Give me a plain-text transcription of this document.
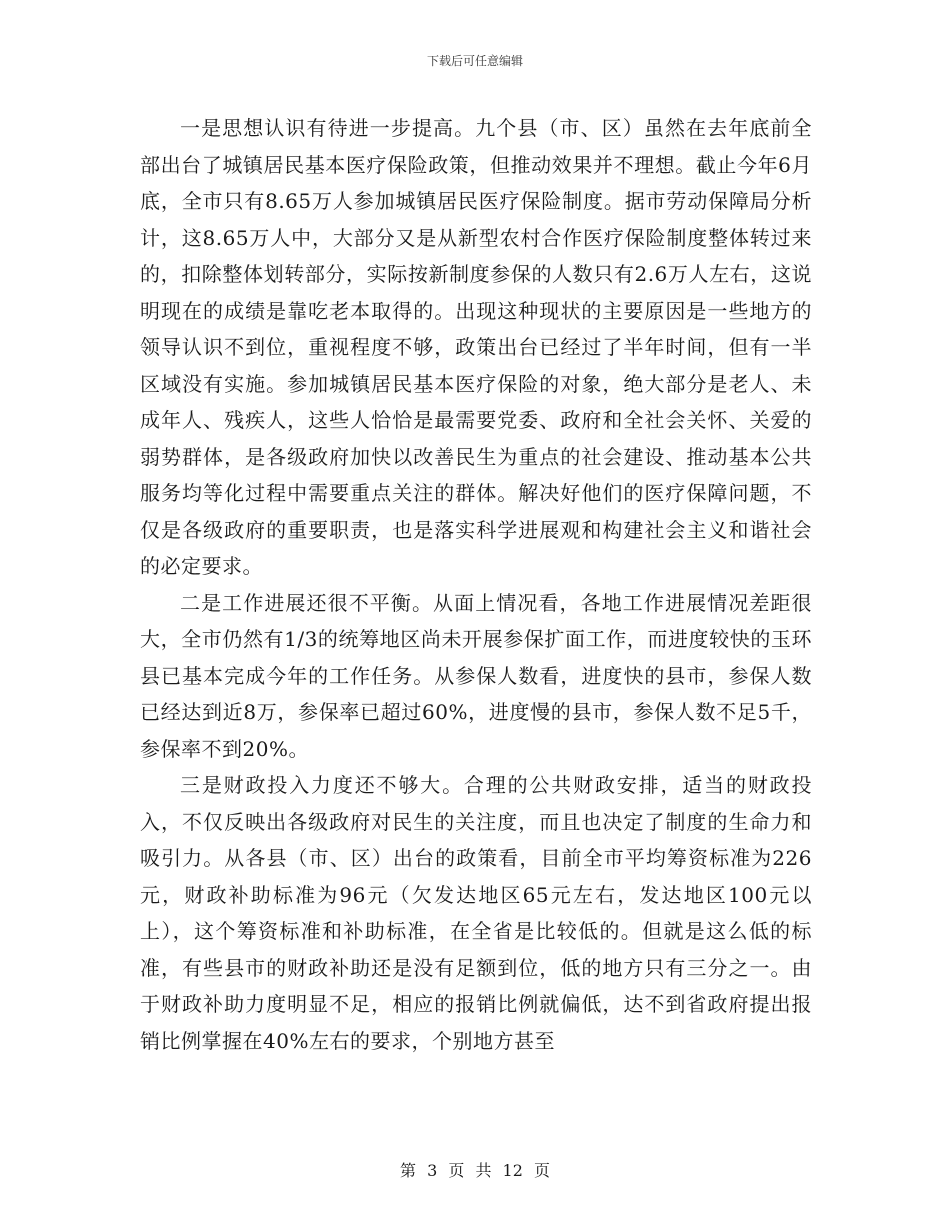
下载后可任意编辑

一是思想认识有待进一步提高。九个县（市、区）虽然在去年底前全部出台了城镇居民基本医疗保险政策，但推动效果并不理想。截止今年6月底，全市只有8.65万人参加城镇居民医疗保险制度。据市劳动保障局分析计，这8.65万人中，大部分又是从新型农村合作医疗保险制度整体转过来的，扣除整体划转部分，实际按新制度参保的人数只有2.6万人左右，这说明现在的成绩是靠吃老本取得的。出现这种现状的主要原因是一些地方的领导认识不到位，重视程度不够，政策出台已经过了半年时间，但有一半区域没有实施。参加城镇居民基本医疗保险的对象，绝大部分是老人、未成年人、残疾人，这些人恰恰是最需要党委、政府和全社会关怀、关爱的弱势群体，是各级政府加快以改善民生为重点的社会建设、推动基本公共服务均等化过程中需要重点关注的群体。解决好他们的医疗保障问题，不仅是各级政府的重要职责，也是落实科学进展观和构建社会主义和谐社会的必定要求。

二是工作进展还很不平衡。从面上情况看，各地工作进展情况差距很大，全市仍然有1/3的统筹地区尚未开展参保扩面工作，而进度较快的玉环县已基本完成今年的工作任务。从参保人数看，进度快的县市，参保人数已经达到近8万，参保率已超过60%，进度慢的县市，参保人数不足5千，参保率不到20%。

三是财政投入力度还不够大。合理的公共财政安排，适当的财政投入，不仅反映出各级政府对民生的关注度，而且也决定了制度的生命力和吸引力。从各县（市、区）出台的政策看，目前全市平均筹资标准为226元，财政补助标准为96元（欠发达地区65元左右，发达地区100元以上），这个筹资标准和补助标准，在全省是比较低的。但就是这么低的标准，有些县市的财政补助还是没有足额到位，低的地方只有三分之一。由于财政补助力度明显不足，相应的报销比例就偏低，达不到省政府提出报销比例掌握在40%左右的要求，个别地方甚至

第 3 页 共 12 页
